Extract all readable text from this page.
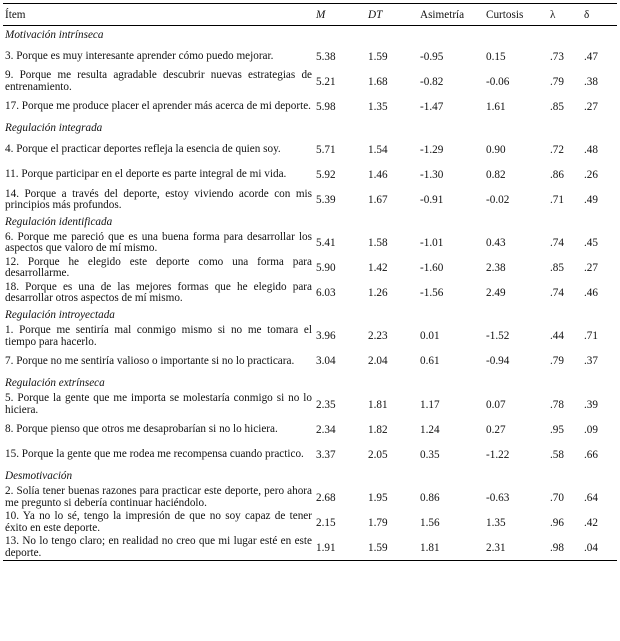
Ítem	M	DT	Asimetría	Curtosis	λ	δ
Motivación intrínseca						
3. Porque es muy interesante aprender cómo puedo mejorar.	5.38	1.59	-0.95	0.15	.73	.47
9. Porque me resulta agradable descubrir nuevas estrategias de entrenamiento.	5.21	1.68	-0.82	-0.06	.79	.38
17. Porque me produce placer el aprender más acerca de mi deporte.	5.98	1.35	-1.47	1.61	.85	.27
Regulación integrada						
4. Porque el practicar deportes refleja la esencia de quien soy.	5.71	1.54	-1.29	0.90	.72	.48
11. Porque participar en el deporte es parte integral de mi vida.	5.92	1.46	-1.30	0.82	.86	.26
14. Porque a través del deporte, estoy viviendo acorde con mis principios más profundos.	5.39	1.67	-0.91	-0.02	.71	.49
Regulación identificada						
6. Porque me pareció que es una buena forma para desarrollar los aspectos que valoro de mí mismo.	5.41	1.58	-1.01	0.43	.74	.45
12. Porque he elegido este deporte como una forma para desarrollarme.	5.90	1.42	-1.60	2.38	.85	.27
18. Porque es una de las mejores formas que he elegido para desarrollar otros aspectos de mí mismo.	6.03	1.26	-1.56	2.49	.74	.46
Regulación introyectada						
1. Porque me sentiría mal conmigo mismo si no me tomara el tiempo para hacerlo.	3.96	2.23	0.01	-1.52	.44	.71
7. Porque no me sentiría valioso o importante si no lo practicara.	3.04	2.04	0.61	-0.94	.79	.37
Regulación extrínseca						
5. Porque la gente que me importa se molestaría conmigo si no lo hiciera.	2.35	1.81	1.17	0.07	.78	.39
8. Porque pienso que otros me desaprobarían si no lo hiciera.	2.34	1.82	1.24	0.27	.95	.09
15. Porque la gente que me rodea me recompensa cuando practico.	3.37	2.05	0.35	-1.22	.58	.66
Desmotivación						
2. Solía tener buenas razones para practicar este deporte, pero ahora me pregunto si debería continuar haciéndolo.	2.68	1.95	0.86	-0.63	.70	.64
10. Ya no lo sé, tengo la impresión de que no soy capaz de tener éxito en este deporte.	2.15	1.79	1.56	1.35	.96	.42
13. No lo tengo claro; en realidad no creo que mi lugar esté en este deporte.	1.91	1.59	1.81	2.31	.98	.04
